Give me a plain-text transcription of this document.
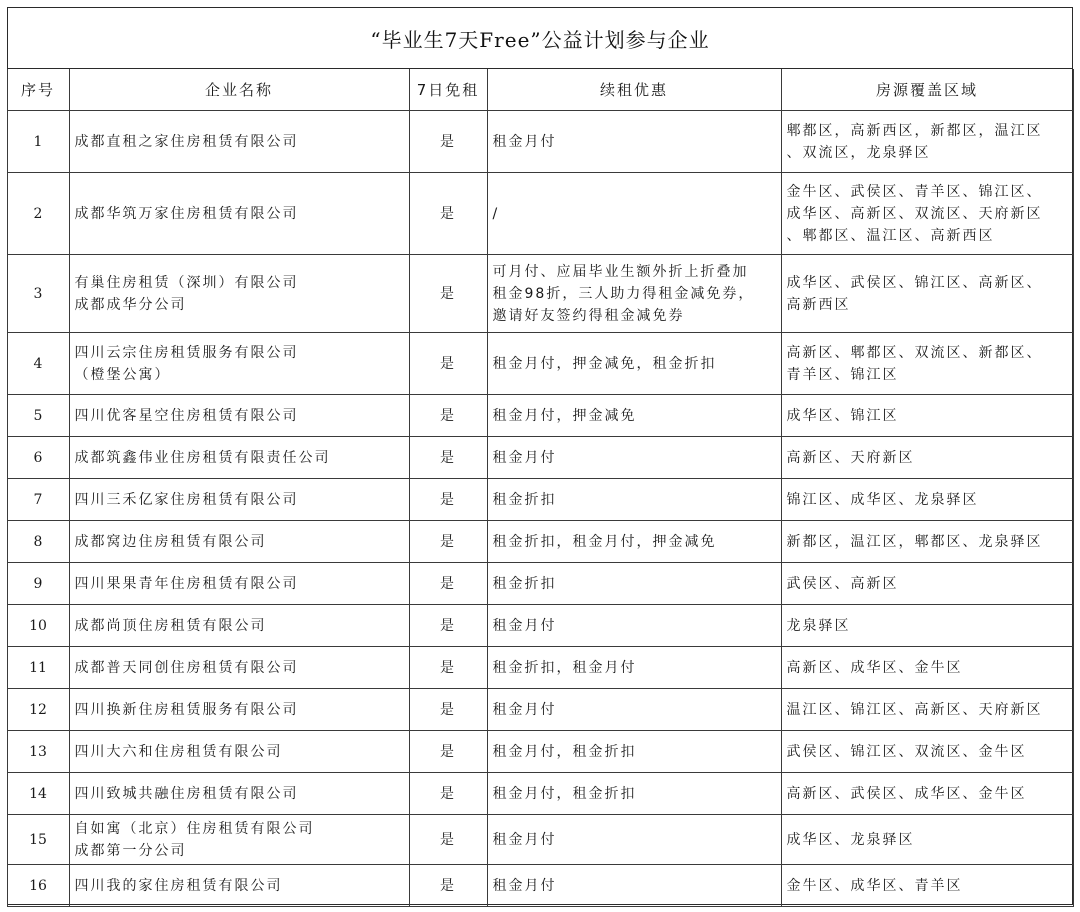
“毕业生7天Free”公益计划参与企业
序号	企业名称	7日免租	续租优惠	房源覆盖区域
1	成都直租之家住房租赁有限公司	是	租金月付	郫都区，高新西区，新都区，温江区
、双流区，龙泉驿区
2	成都华筑万家住房租赁有限公司	是	/	金牛区、武侯区、青羊区、锦江区、
成华区、高新区、双流区、天府新区
、郫都区、温江区、高新西区
3	有巢住房租赁（深圳）有限公司
成都成华分公司	是	可月付、应届毕业生额外折上折叠加
租金98折，三人助力得租金减免券，
邀请好友签约得租金减免券	成华区、武侯区、锦江区、高新区、
高新西区
4	四川云宗住房租赁服务有限公司
（橙堡公寓）	是	租金月付，押金减免，租金折扣	高新区、郫都区、双流区、新都区、
青羊区、锦江区
5	四川优客星空住房租赁有限公司	是	租金月付，押金减免	成华区、锦江区
6	成都筑鑫伟业住房租赁有限责任公司	是	租金月付	高新区、天府新区
7	四川三禾亿家住房租赁有限公司	是	租金折扣	锦江区、成华区、龙泉驿区
8	成都窝边住房租赁有限公司	是	租金折扣，租金月付，押金减免	新都区，温江区，郫都区、龙泉驿区
9	四川果果青年住房租赁有限公司	是	租金折扣	武侯区、高新区
10	成都尚顶住房租赁有限公司	是	租金月付	龙泉驿区
11	成都普天同创住房租赁有限公司	是	租金折扣，租金月付	高新区、成华区、金牛区
12	四川换新住房租赁服务有限公司	是	租金月付	温江区、锦江区、高新区、天府新区
13	四川大六和住房租赁有限公司	是	租金月付，租金折扣	武侯区、锦江区、双流区、金牛区
14	四川致城共融住房租赁有限公司	是	租金月付，租金折扣	高新区、武侯区、成华区、金牛区
15	自如寓（北京）住房租赁有限公司
成都第一分公司	是	租金月付	成华区、龙泉驿区
16	四川我的家住房租赁有限公司	是	租金月付	金牛区、成华区、青羊区
